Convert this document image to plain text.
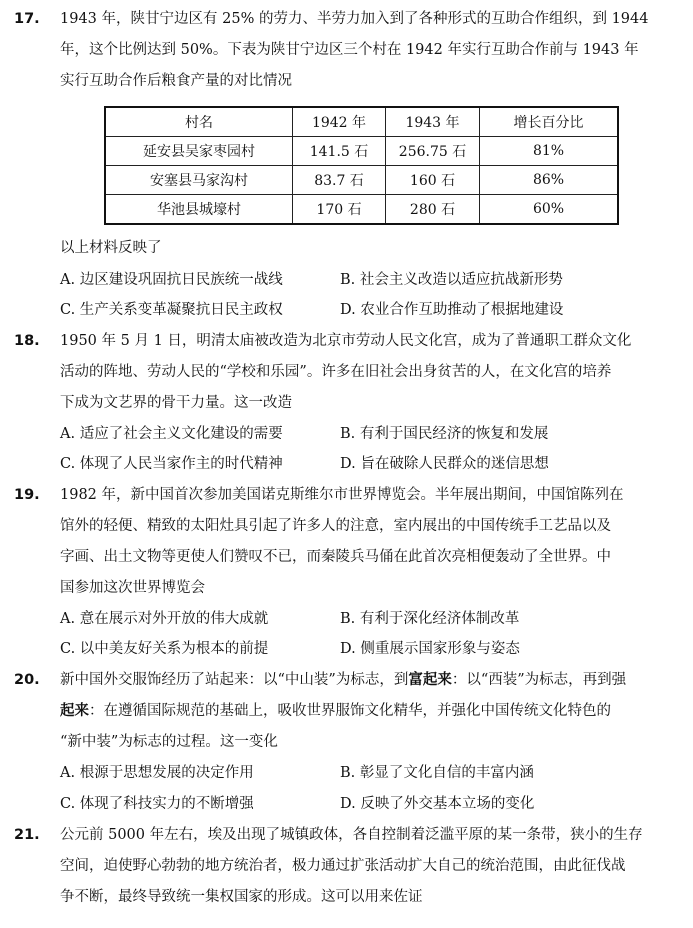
17. 1943 年，陕甘宁边区有 25% 的劳力、半劳力加入到了各种形式的互助合作组织，到 1944
年，这个比例达到 50%。下表为陕甘宁边区三个村在 1942 年实行互助合作前与 1943 年
实行互助合作后粮食产量的对比情况
村名	1942 年	1943 年	增长百分比
延安县吴家枣园村	141.5 石	256.75 石	81%
安塞县马家沟村	83.7 石	160 石	86%
华池县城壕村	170 石	280 石	60%
以上材料反映了
A. 边区建设巩固抗日民族统一战线	B. 社会主义改造以适应抗战新形势
C. 生产关系变革凝聚抗日民主政权	D. 农业合作互助推动了根据地建设
18. 1950 年 5 月 1 日，明清太庙被改造为北京市劳动人民文化宫，成为了普通职工群众文化
活动的阵地、劳动人民的“学校和乐园”。许多在旧社会出身贫苦的人，在文化宫的培养
下成为文艺界的骨干力量。这一改造
A. 适应了社会主义文化建设的需要	B. 有利于国民经济的恢复和发展
C. 体现了人民当家作主的时代精神	D. 旨在破除人民群众的迷信思想
19. 1982 年，新中国首次参加美国诺克斯维尔市世界博览会。半年展出期间，中国馆陈列在
馆外的轻便、精致的太阳灶具引起了许多人的注意，室内展出的中国传统手工艺品以及
字画、出土文物等更使人们赞叹不已，而秦陵兵马俑在此首次亮相便轰动了全世界。中
国参加这次世界博览会
A. 意在展示对外开放的伟大成就	B. 有利于深化经济体制改革
C. 以中美友好关系为根本的前提	D. 侧重展示国家形象与姿态
20. 新中国外交服饰经历了站起来：以“中山装”为标志，到富起来：以“西装”为标志，再到强
起来：在遵循国际规范的基础上，吸收世界服饰文化精华，并强化中国传统文化特色的
“新中装”为标志的过程。这一变化
A. 根源于思想发展的决定作用	B. 彰显了文化自信的丰富内涵
C. 体现了科技实力的不断增强	D. 反映了外交基本立场的变化
21. 公元前 5000 年左右，埃及出现了城镇政体，各自控制着泛滥平原的某一条带，狭小的生存
空间，迫使野心勃勃的地方统治者，极力通过扩张活动扩大自己的统治范围，由此征伐战
争不断，最终导致统一集权国家的形成。这可以用来佐证
